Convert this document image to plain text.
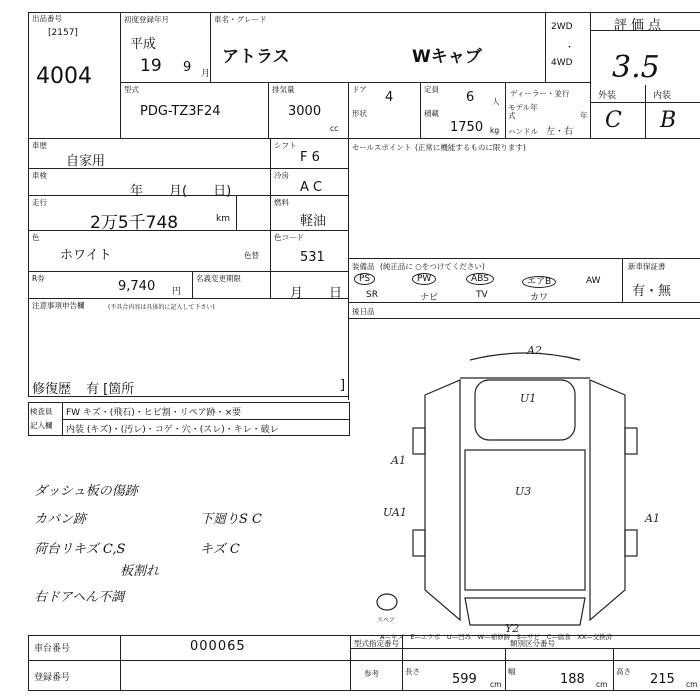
出品番号
[2157]
4004
初度登録年月
平成
19 9 月
車名・グレード
アトラス	Wキャブ
2WD
・
4WD
評価点
3.5
外装	内装
C B
型式
PDG-TZ3F24
排気量
3000
cc
ドア
4
定員
6 人
ディーラー・並行
形状	積載
1750 kg
モデル年式	年
ハンドル 左・右
車歴
自家用
シフト
F 6
車検
年　　月(　　日)
冷房
A C
走行
2万5千748	km
燃料
軽油
色
ホワイト	色替
色コード
531
R券
9,740 円
名義変更期限
月　　日
注意事項申告欄	(不具合内容は具体的に記入して下さい)
修復歴 有 [箇所	]
セールスポイント (正常に機能するものに限ります)
装備品 (純正品に ○をつけてください)	新車保証書
有・無
PS	PW	ABS	エアB	AW
SR	ナビ	TV	カワ
後日品
検査員
記入欄
FW キズ・(飛石)・ヒビ割・リペア跡・×要
内装 (キズ)・(汚レ)・コゲ・穴・(スレ)・キレ・破レ
ダッシュ板の傷跡
カバン跡
荷台リキズ C,S
板割れ
右ドアヘん不調
下廻りS C
キズ C
A2
U1
A1
U3
UA1	A1
Y2
スペア
A—キズ　E—エクボ　U—凹み　W—補修跡　S—サビ　C—腐食　XX—交換済
車台番号	000065
登録番号
型式指定番号	類別区分番号
参考	長さ
599 cm
幅
188 cm
高さ
215 cm
